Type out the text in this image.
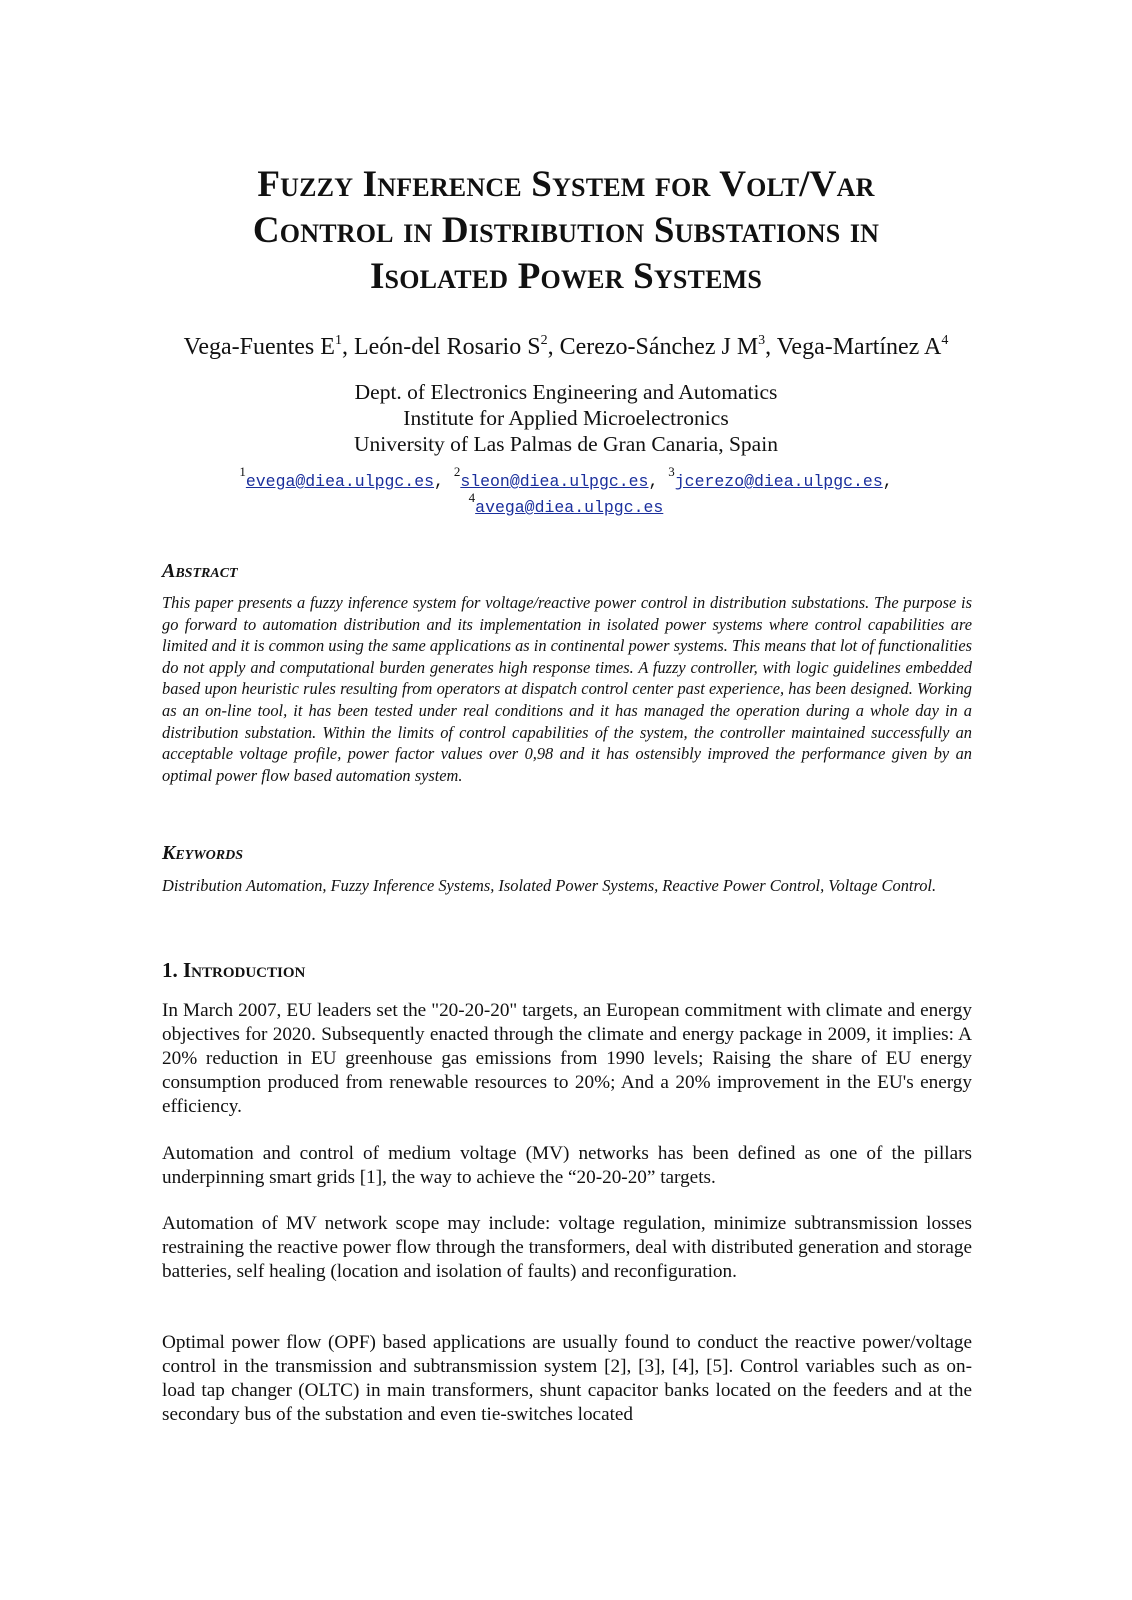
Fuzzy Inference System for Volt/Var
Control in Distribution Substations in
Isolated Power Systems
Vega-Fuentes $E^1$, León-del Rosario $S^2$, Cerezo-Sánchez J $M^3$, Vega-Martínez $A^4$
Dept. of Electronics Engineering and Automatics
Institute for Applied Microelectronics
University of Las Palmas de Gran Canaria, Spain
$^1$evega@diea.ulpgc.es, $^2$sleon@diea.ulpgc.es, $^3$jcerezo@diea.ulpgc.es,
$^4$avega@diea.ulpgc.es
Abstract

This paper presents a fuzzy inference system for voltage/reactive power control in distribution substations. The purpose is go forward to automation distribution and its implementation in isolated power systems where control capabilities are limited and it is common using the same applications as in continental power systems. This means that lot of functionalities do not apply and computational burden generates high response times. A fuzzy controller, with logic guidelines embedded based upon heuristic rules resulting from operators at dispatch control center past experience, has been designed. Working as an on-line tool, it has been tested under real conditions and it has managed the operation during a whole day in a distribution substation. Within the limits of control capabilities of the system, the controller maintained successfully an acceptable voltage profile, power factor values over 0,98 and it has ostensibly improved the performance given by an optimal power flow based automation system.

Keywords

Distribution Automation, Fuzzy Inference Systems, Isolated Power Systems, Reactive Power Control, Voltage Control.

1. Introduction

In March 2007, EU leaders set the "20-20-20" targets, an European commitment with climate and energy objectives for 2020. Subsequently enacted through the climate and energy package in 2009, it implies: A 20% reduction in EU greenhouse gas emissions from 1990 levels; Raising the share of EU energy consumption produced from renewable resources to 20%; And a 20% improvement in the EU's energy efficiency.

Automation and control of medium voltage (MV) networks has been defined as one of the pillars underpinning smart grids [1], the way to achieve the “20-20-20” targets.

Automation of MV network scope may include: voltage regulation, minimize subtransmission losses restraining the reactive power flow through the transformers, deal with distributed generation and storage batteries, self healing (location and isolation of faults) and reconfiguration.

Optimal power flow (OPF) based applications are usually found to conduct the reactive power/voltage control in the transmission and subtransmission system [2], [3], [4], [5]. Control variables such as on-load tap changer (OLTC) in main transformers, shunt capacitor banks located on the feeders and at the secondary bus of the substation and even tie-switches located
